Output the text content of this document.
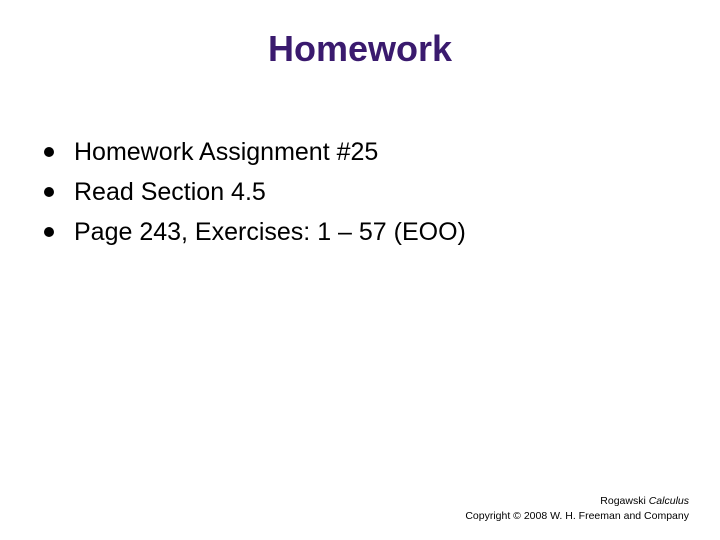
Homework
Homework Assignment #25
Read Section 4.5
Page 243, Exercises: 1 – 57 (EOO)
Rogawski Calculus
Copyright © 2008 W. H. Freeman and Company
